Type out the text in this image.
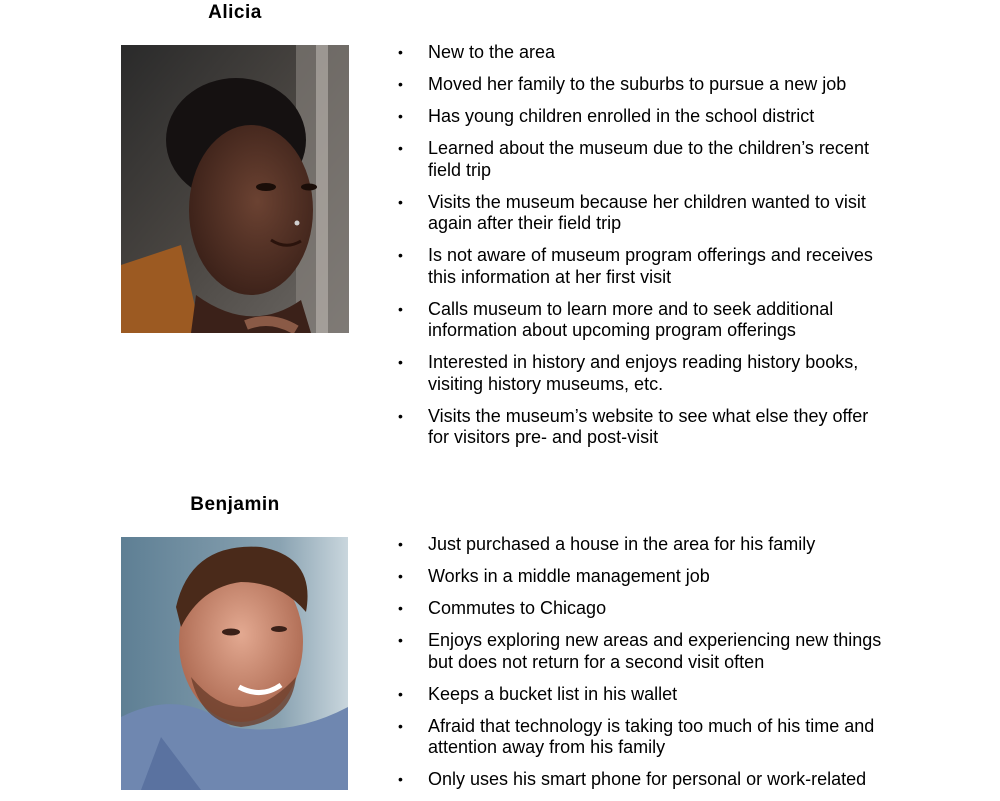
Alicia
• New to the area
• Moved her family to the suburbs to pursue a new job
• Has young children enrolled in the school district
• Learned about the museum due to the children’s recent field trip
• Visits the museum because her children wanted to visit again after their field trip
• Is not aware of museum program offerings and receives this information at her first visit
• Calls museum to learn more and to seek additional information about upcoming program offerings
• Interested in history and enjoys reading history books, visiting history museums, etc.
• Visits the museum’s website to see what else they offer for visitors pre- and post-visit
Benjamin
• Just purchased a house in the area for his family
• Works in a middle management job
• Commutes to Chicago
• Enjoys exploring new areas and experiencing new things but does not return for a second visit often
• Keeps a bucket list in his wallet
• Afraid that technology is taking too much of his time and attention away from his family
• Only uses his smart phone for personal or work-related
